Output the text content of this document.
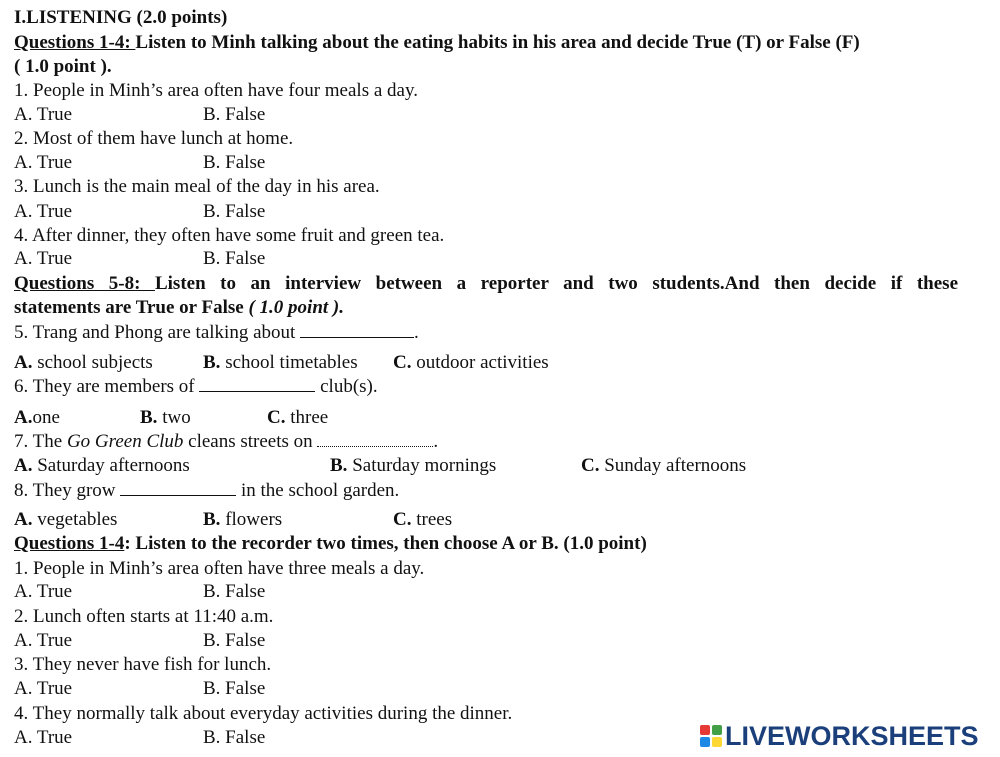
I.LISTENING (2.0 points)
Questions 1-4: Listen to Minh talking about the eating habits in his area and decide True (T) or False (F)
( 1.0 point ).
1. People in Minh’s area often have four meals a day.
A. True	B. False
2. Most of them have lunch at home.
A. True	B. False
3. Lunch is the main meal of the day in his area.
A. True	B. False
4. After dinner, they often have some fruit and green tea.
A. True	B. False
Questions 5-8: Listen to an interview between a reporter and two students.And then decide if these
statements are True or False ( 1.0 point ).
5. Trang and Phong are talking about	.
A. school subjects	B. school timetables C. outdoor activities
6. They are members of	club(s).
A.one	B. two	C. three
7. The Go Green Club cleans streets on	.
A. Saturday afternoons	B. Saturday mornings	C. Sunday afternoons
8. They grow	in the school garden.
A. vegetables	B. flowers	C. trees
Questions 1-4: Listen to the recorder two times, then choose A or B. (1.0 point)
1. People in Minh’s area often have three meals a day.
A. True	B. False
2. Lunch often starts at 11:40 a.m.
A. True	B. False
3. They never have fish for lunch.
A. True	B. False
4. They normally talk about everyday activities during the dinner.
A. True	B. False	LIVEWORKSHEETS
